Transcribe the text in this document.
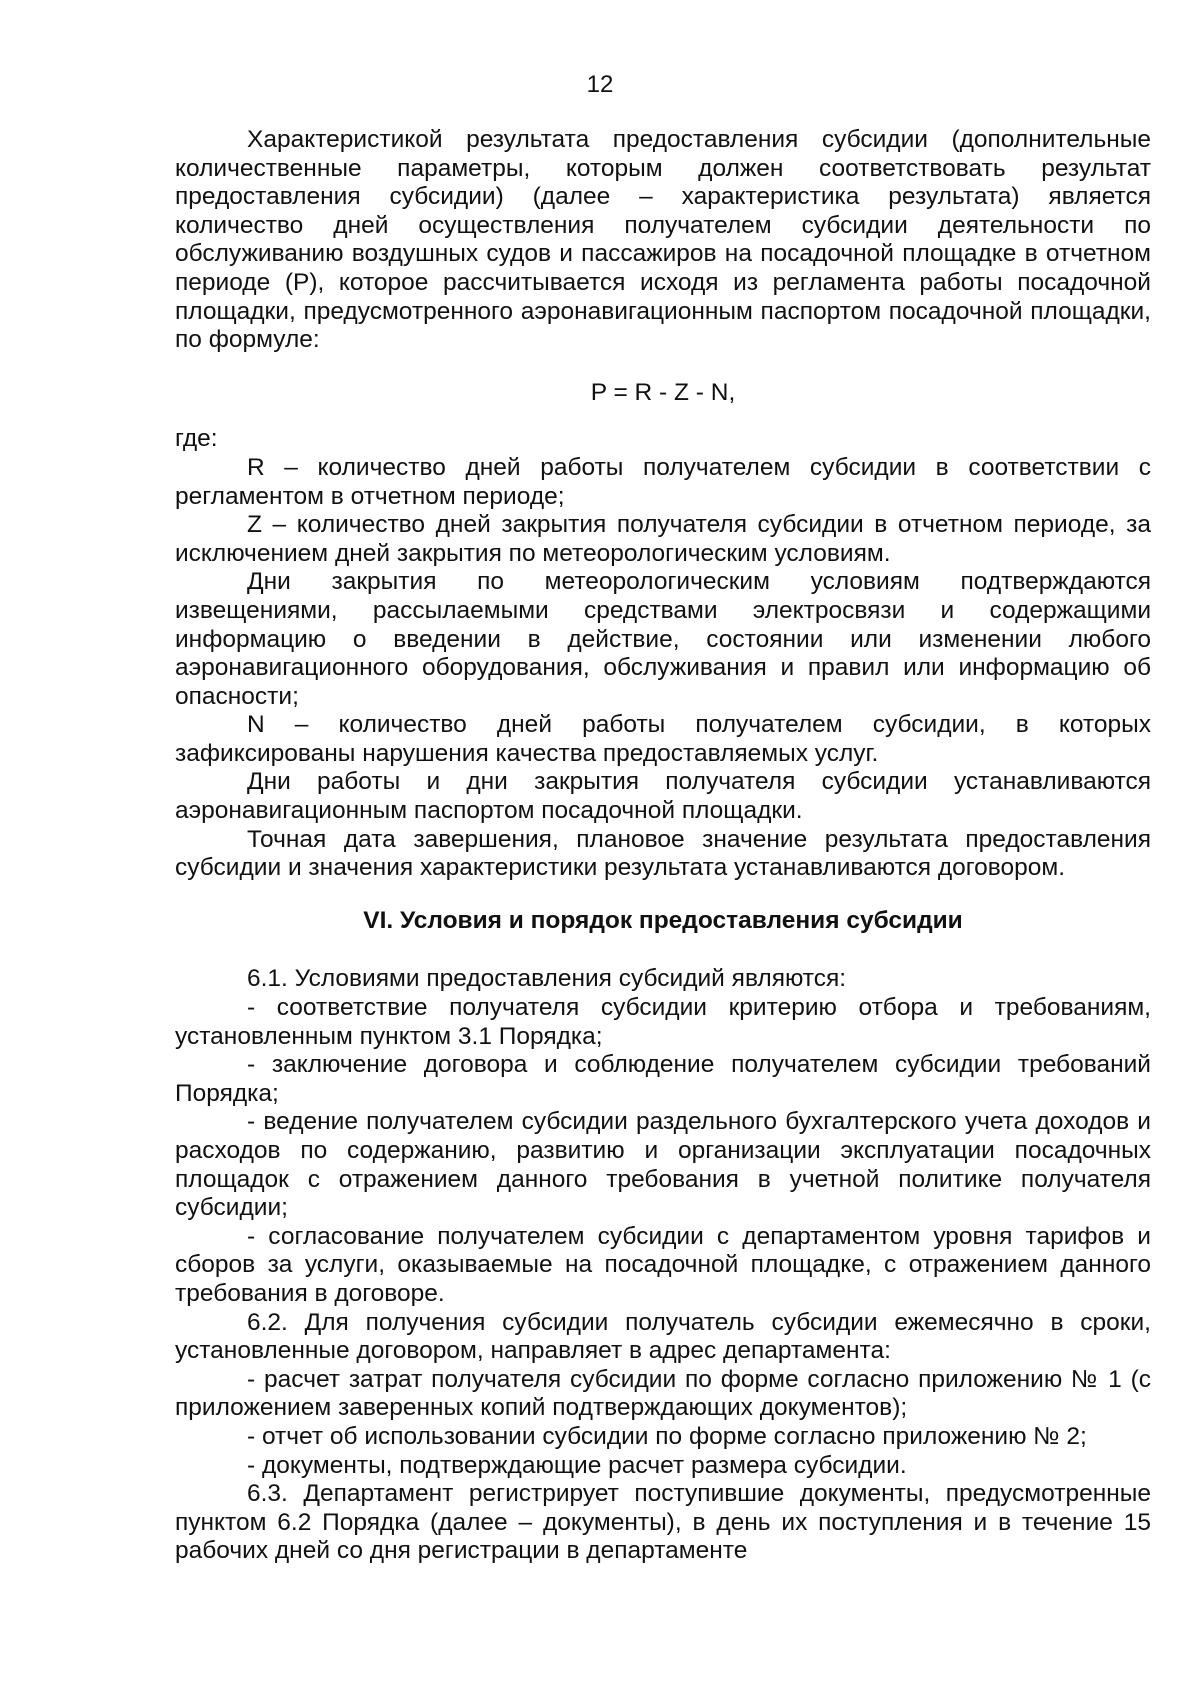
12

Характеристикой результата предоставления субсидии (дополнительные количественные параметры, которым должен соответствовать результат предоставления субсидии) (далее – характеристика результата) является количество дней осуществления получателем субсидии деятельности по обслуживанию воздушных судов и пассажиров на посадочной площадке в отчетном периоде (P), которое рассчитывается исходя из регламента работы посадочной площадки, предусмотренного аэронавигационным паспортом посадочной площадки, по формуле:

P = R - Z - N,

где:

R – количество дней работы получателем субсидии в соответствии с регламентом в отчетном периоде;

Z – количество дней закрытия получателя субсидии в отчетном периоде, за исключением дней закрытия по метеорологическим условиям.

Дни закрытия по метеорологическим условиям подтверждаются извещениями, рассылаемыми средствами электросвязи и содержащими информацию о введении в действие, состоянии или изменении любого аэронавигационного оборудования, обслуживания и правил или информацию об опасности;

N – количество дней работы получателем субсидии, в которых зафиксированы нарушения качества предоставляемых услуг.

Дни работы и дни закрытия получателя субсидии устанавливаются аэронавигационным паспортом посадочной площадки.

Точная дата завершения, плановое значение результата предоставления субсидии и значения характеристики результата устанавливаются договором.

VI. Условия и порядок предоставления субсидии

6.1. Условиями предоставления субсидий являются:

- соответствие получателя субсидии критерию отбора и требованиям, установленным пунктом 3.1 Порядка;

- заключение договора и соблюдение получателем субсидии требований Порядка;

- ведение получателем субсидии раздельного бухгалтерского учета доходов и расходов по содержанию, развитию и организации эксплуатации посадочных площадок с отражением данного требования в учетной политике получателя субсидии;

- согласование получателем субсидии с департаментом уровня тарифов и сборов за услуги, оказываемые на посадочной площадке, с отражением данного требования в договоре.

6.2. Для получения субсидии получатель субсидии ежемесячно в сроки, установленные договором, направляет в адрес департамента:

- расчет затрат получателя субсидии по форме согласно приложению № 1 (с приложением заверенных копий подтверждающих документов);

- отчет об использовании субсидии по форме согласно приложению № 2;

- документы, подтверждающие расчет размера субсидии.

6.3. Департамент регистрирует поступившие документы, предусмотренные пунктом 6.2 Порядка (далее – документы), в день их поступления и в течение 15 рабочих дней со дня регистрации в департаменте
